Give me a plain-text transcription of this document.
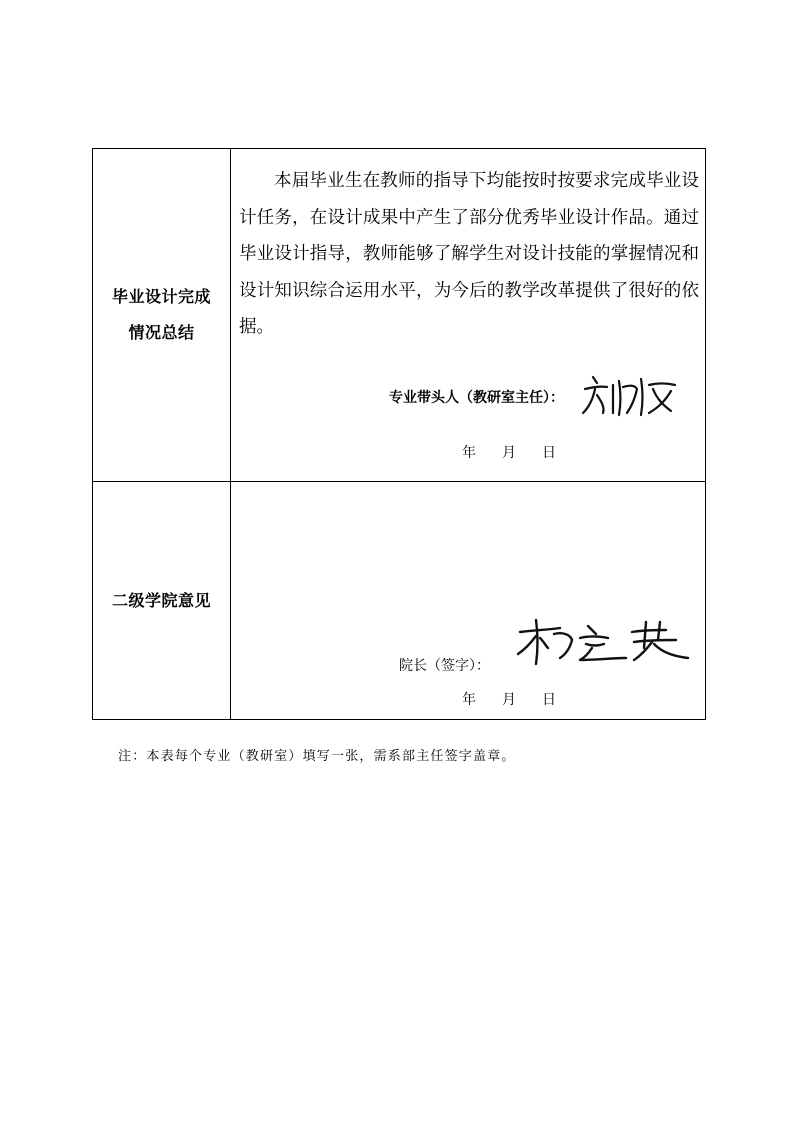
毕业设计完成
情况总结
本届毕业生在教师的指导下均能按时按要求完成毕业设计任务，在设计成果中产生了部分优秀毕业设计作品。通过毕业设计指导，教师能够了解学生对设计技能的掌握情况和设计知识综合运用水平，为今后的教学改革提供了很好的依据。
专业带头人（教研室主任）：
年 月 日
二级学院意见
院长（签字）：
年 月 日
注：本表每个专业（教研室）填写一张，需系部主任签字盖章。
